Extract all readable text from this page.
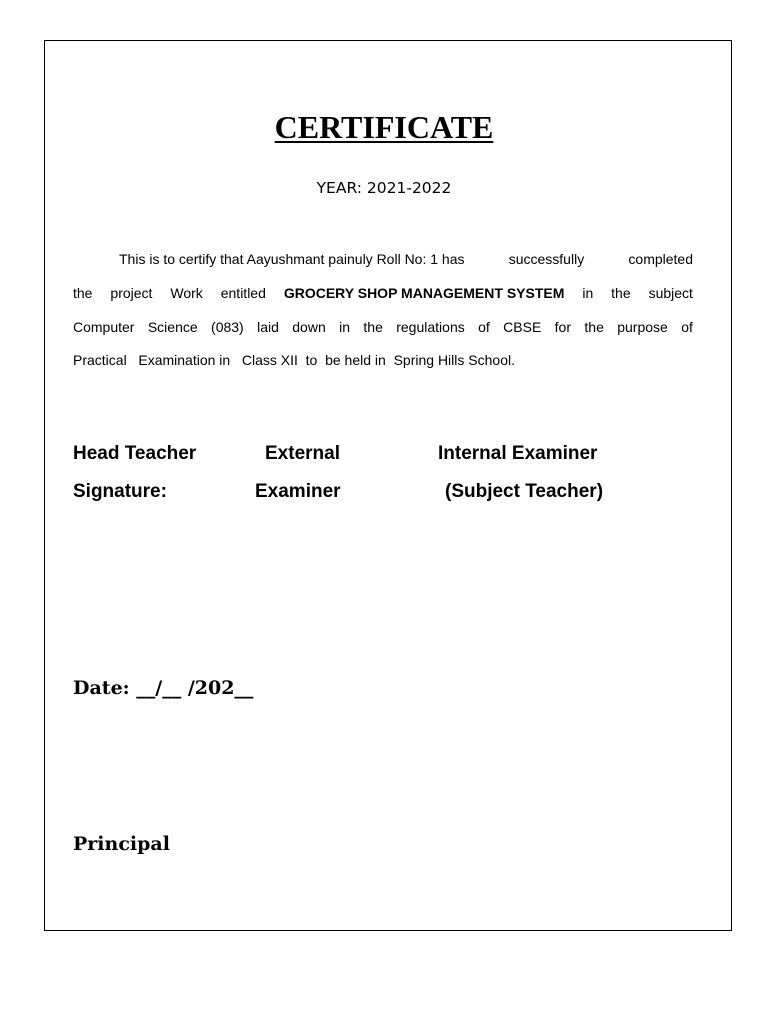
CERTIFICATE
YEAR: 2021-2022
This is to certify that Aayushmant painuly Roll No: 1 has	successfully	completed
the project Work entitled GROCERY SHOP MANAGEMENT SYSTEM in the subject
Computer Science (083) laid down in the regulations of CBSE for the purpose of
Practical   Examination in   Class XII  to  be held in  Spring Hills School.
Head Teacher
Signature:
External
Examiner
Internal Examiner
(Subject Teacher)
Date: __/__ /202__
Principal
